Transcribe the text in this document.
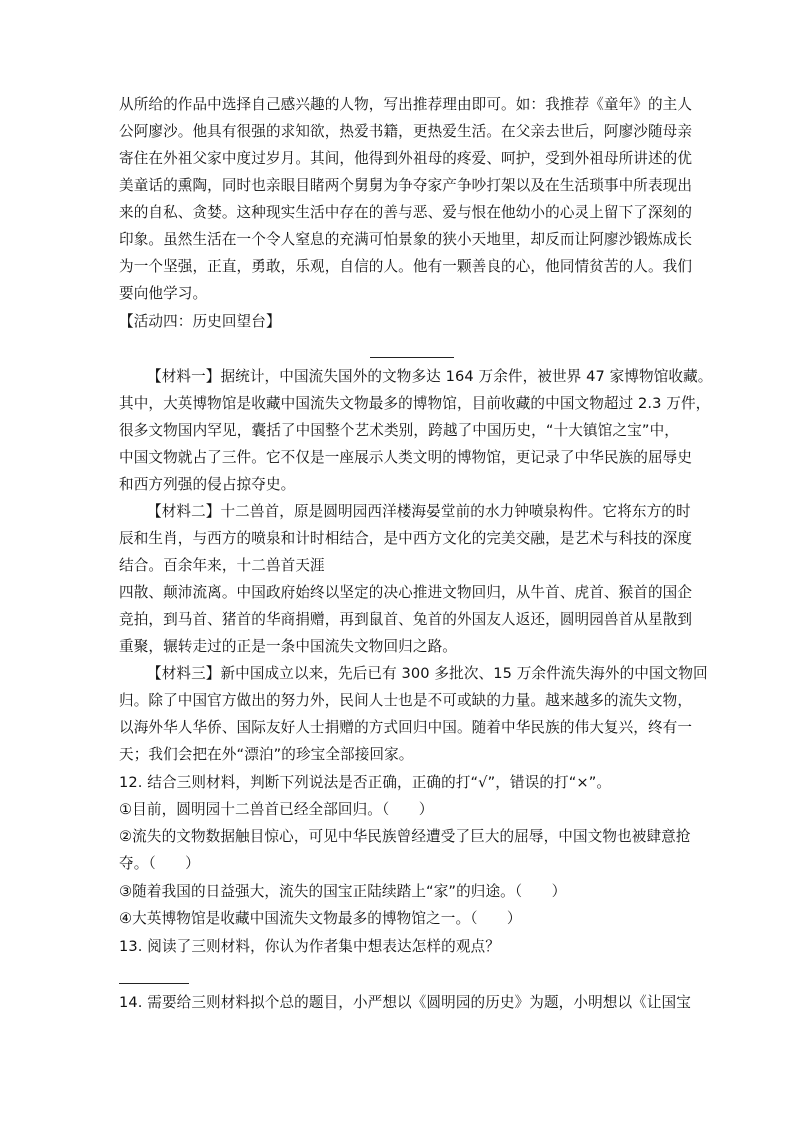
从所给的作品中选择自己感兴趣的人物，写出推荐理由即可。如：我推荐《童年》的主人
公阿廖沙。他具有很强的求知欲，热爱书籍，更热爱生活。在父亲去世后，阿廖沙随母亲
寄住在外祖父家中度过岁月。其间，他得到外祖母的疼爱、呵护，受到外祖母所讲述的优
美童话的熏陶，同时也亲眼目睹两个舅舅为争夺家产争吵打架以及在生活琐事中所表现出
来的自私、贪婪。这种现实生活中存在的善与恶、爱与恨在他幼小的心灵上留下了深刻的
印象。虽然生活在一个令人窒息的充满可怕景象的狭小天地里，却反而让阿廖沙锻炼成长
为一个坚强，正直，勇敢，乐观，自信的人。他有一颗善良的心，他同情贫苦的人。我们
要向他学习。
【活动四：历史回望台】
【材料一】据统计，中国流失国外的文物多达 164 万余件，被世界 47 家博物馆收藏。
其中，大英博物馆是收藏中国流失文物最多的博物馆，目前收藏的中国文物超过 2.3 万件，
很多文物国内罕见，囊括了中国整个艺术类别，跨越了中国历史，“十大镇馆之宝”中，
中国文物就占了三件。它不仅是一座展示人类文明的博物馆，更记录了中华民族的屈辱史
和西方列强的侵占掠夺史。
【材料二】十二兽首，原是圆明园西洋楼海晏堂前的水力钟喷泉构件。它将东方的时
辰和生肖，与西方的喷泉和计时相结合，是中西方文化的完美交融，是艺术与科技的深度
结合。百余年来，十二兽首天涯
四散、颠沛流离。中国政府始终以坚定的决心推进文物回归，从牛首、虎首、猴首的国企
竞拍，到马首、猪首的华商捐赠，再到鼠首、兔首的外国友人返还，圆明园兽首从星散到
重聚，辗转走过的正是一条中国流失文物回归之路。
【材料三】新中国成立以来，先后已有 300 多批次、15 万余件流失海外的中国文物回
归。除了中国官方做出的努力外，民间人士也是不可或缺的力量。越来越多的流失文物，
以海外华人华侨、国际友好人士捐赠的方式回归中国。随着中华民族的伟大复兴，终有一
天；我们会把在外“漂泊”的珍宝全部接回家。
12. 结合三则材料，判断下列说法是否正确，正确的打“√”，错误的打“×”。
①目前，圆明园十二兽首已经全部回归。（　　）
②流失的文物数据触目惊心，可见中华民族曾经遭受了巨大的屈辱，中国文物也被肆意抢
夺。（　　）
③随着我国的日益强大，流失的国宝正陆续踏上“家”的归途。（　　）
④大英博物馆是收藏中国流失文物最多的博物馆之一。（　　）
13. 阅读了三则材料，你认为作者集中想表达怎样的观点？
14. 需要给三则材料拟个总的题目，小严想以《圆明园的历史》为题，小明想以《让国宝
